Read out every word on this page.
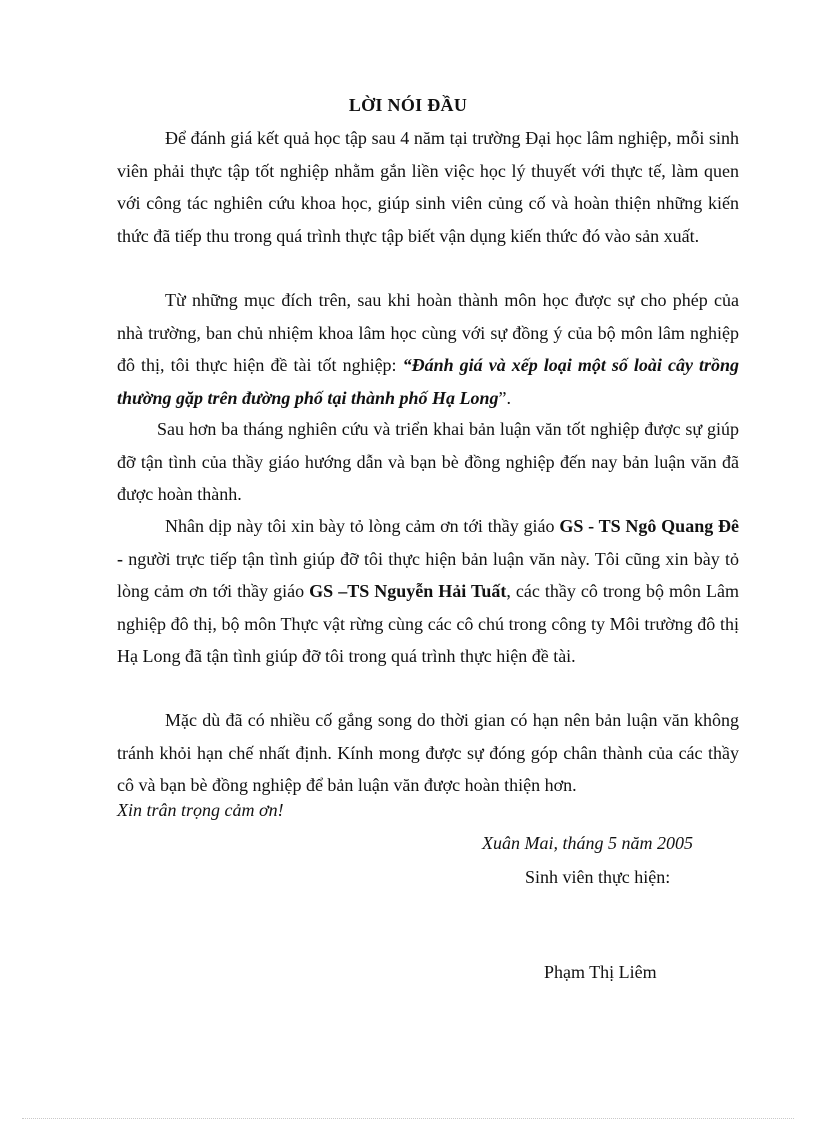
LỜI NÓI ĐẦU

Để đánh giá kết quả học tập sau 4 năm tại trường Đại học lâm nghiệp, mỗi sinh viên phải thực tập tốt nghiệp nhằm gắn liền việc học lý thuyết với thực tế, làm quen với công tác nghiên cứu khoa học, giúp sinh viên củng cố và hoàn thiện những kiến thức đã tiếp thu trong quá trình thực tập biết vận dụng kiến thức đó vào sản xuất.

Từ những mục đích trên, sau khi hoàn thành môn học được sự cho phép của nhà trường, ban chủ nhiệm khoa lâm học cùng với sự đồng ý của bộ môn lâm nghiệp đô thị, tôi thực hiện đề tài tốt nghiệp: “Đánh giá và xếp loại một số loài cây trồng thường gặp trên đường phố tại thành phố Hạ Long”.

Sau hơn ba tháng nghiên cứu và triển khai bản luận văn tốt nghiệp được sự giúp đỡ tận tình của thầy giáo hướng dẫn và bạn bè đồng nghiệp đến nay bản luận văn đã được hoàn thành.

Nhân dịp này tôi xin bày tỏ lòng cảm ơn tới thầy giáo GS - TS Ngô Quang Đê - người trực tiếp tận tình giúp đỡ tôi thực hiện bản luận văn này. Tôi cũng xin bày tỏ lòng cảm ơn tới thầy giáo GS –TS Nguyễn Hải Tuất, các thầy cô trong bộ môn Lâm nghiệp đô thị, bộ môn Thực vật rừng cùng các cô chú trong công ty Môi trường đô thị Hạ Long đã tận tình giúp đỡ tôi trong quá trình thực hiện đề tài.

Mặc dù đã có nhiều cố gắng song do thời gian có hạn nên bản luận văn không tránh khỏi hạn chế nhất định. Kính mong được sự đóng góp chân thành của các thầy cô và bạn bè đồng nghiệp để bản luận văn được hoàn thiện hơn.

Xin trân trọng cảm ơn!
Xuân Mai, tháng 5 năm 2005
Sinh viên thực hiện:
Phạm Thị Liêm
